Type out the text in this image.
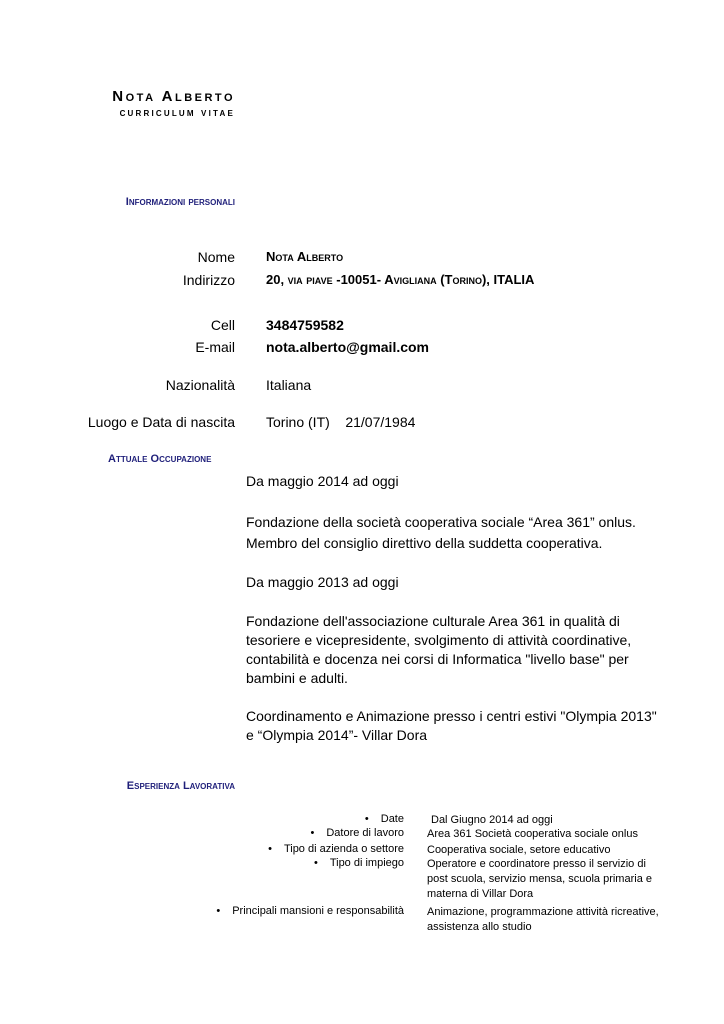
Nota Alberto
curriculum vitae
Informazioni personali
Nome Nota Alberto
Indirizzo 20, via piave -10051- Avigliana (Torino), ITALIA
Cell 3484759582
E-mail nota.alberto@gmail.com
Nazionalità Italiana
Luogo e Data di nascita Torino (IT)    21/07/1984
Attuale Occupazione
Da maggio 2014 ad oggi
Fondazione della società cooperativa sociale “Area 361” onlus. Membro del consiglio direttivo della suddetta cooperativa.
Da maggio 2013 ad oggi
Fondazione dell'associazione culturale Area 361 in qualità di tesoriere e vicepresidente, svolgimento di attività coordinative, contabilità e docenza nei corsi di Informatica "livello base" per bambini e adulti.
Coordinamento e Animazione presso i centri estivi "Olympia 2013" e “Olympia 2014”- Villar Dora
Esperienza Lavorativa
• Date Dal Giugno 2014 ad oggi
• Datore di lavoro Area 361 Società cooperativa sociale onlus
• Tipo di azienda o settore Cooperativa sociale, setore educativo
• Tipo di impiego Operatore e coordinatore presso il servizio di post scuola, servizio mensa, scuola primaria e materna di Villar Dora
• Principali mansioni e responsabilità Animazione, programmazione attività ricreative, assistenza allo studio
